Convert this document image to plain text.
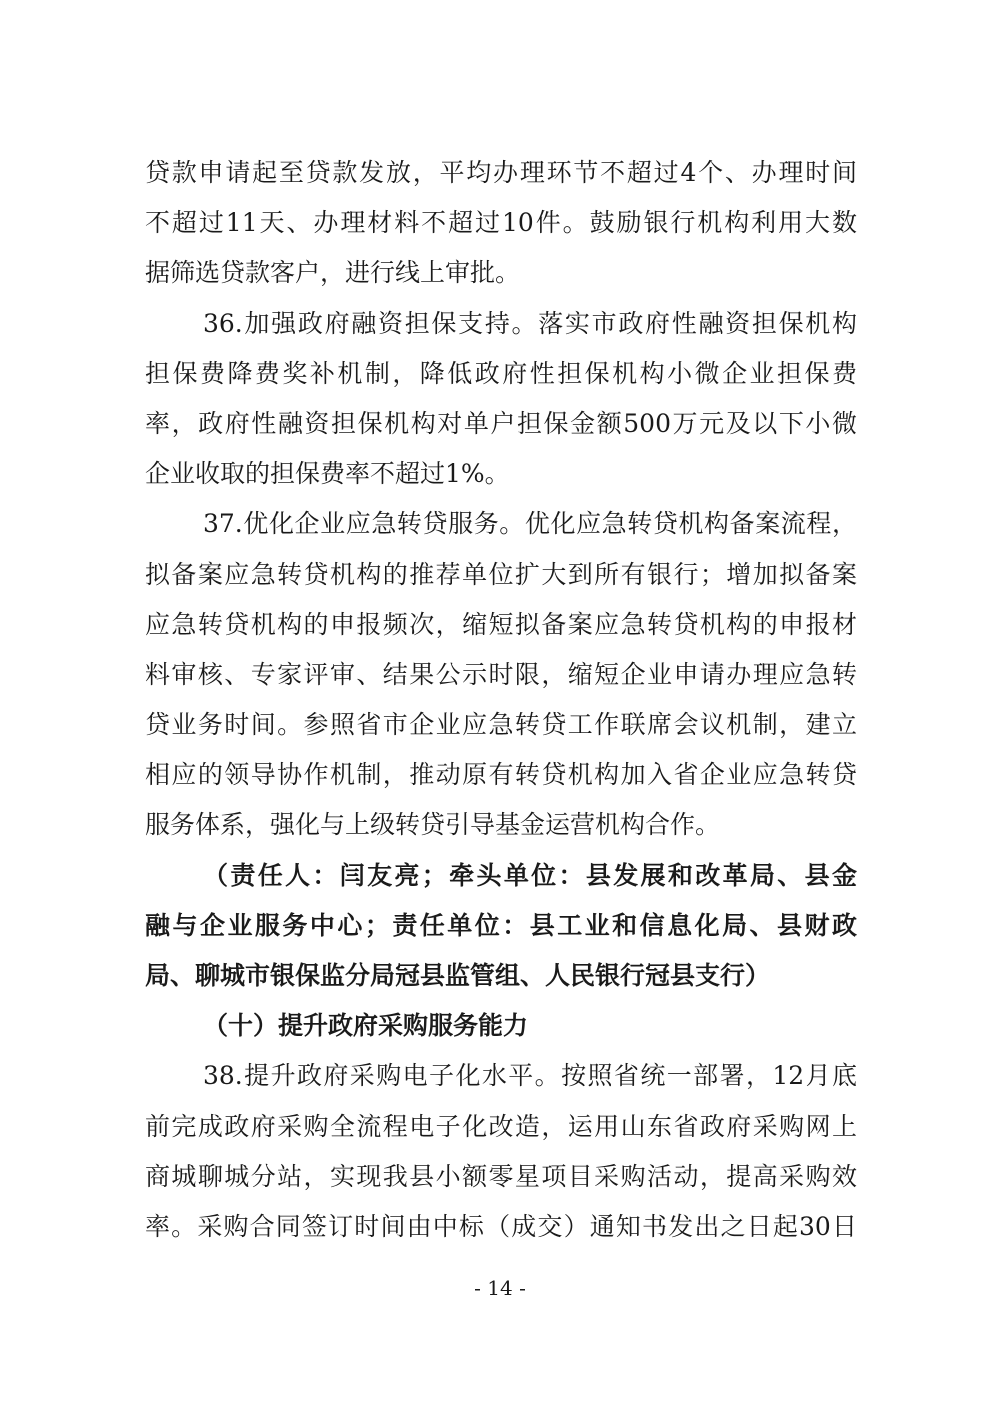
贷款申请起至贷款发放，平均办理环节不超过4个、办理时间
不超过11天、办理材料不超过10件。鼓励银行机构利用大数
据筛选贷款客户，进行线上审批。
36.加强政府融资担保支持。落实市政府性融资担保机构
担保费降费奖补机制，降低政府性担保机构小微企业担保费
率，政府性融资担保机构对单户担保金额500万元及以下小微
企业收取的担保费率不超过1%。
37.优化企业应急转贷服务。优化应急转贷机构备案流程，
拟备案应急转贷机构的推荐单位扩大到所有银行；增加拟备案
应急转贷机构的申报频次，缩短拟备案应急转贷机构的申报材
料审核、专家评审、结果公示时限，缩短企业申请办理应急转
贷业务时间。参照省市企业应急转贷工作联席会议机制，建立
相应的领导协作机制，推动原有转贷机构加入省企业应急转贷
服务体系，强化与上级转贷引导基金运营机构合作。
（责任人：闫友亮；牵头单位：县发展和改革局、县金
融与企业服务中心；责任单位：县工业和信息化局、县财政
局、聊城市银保监分局冠县监管组、人民银行冠县支行）
（十）提升政府采购服务能力
38.提升政府采购电子化水平。按照省统一部署，12月底
前完成政府采购全流程电子化改造，运用山东省政府采购网上
商城聊城分站，实现我县小额零星项目采购活动，提高采购效
率。采购合同签订时间由中标（成交）通知书发出之日起30日
- 14 -
